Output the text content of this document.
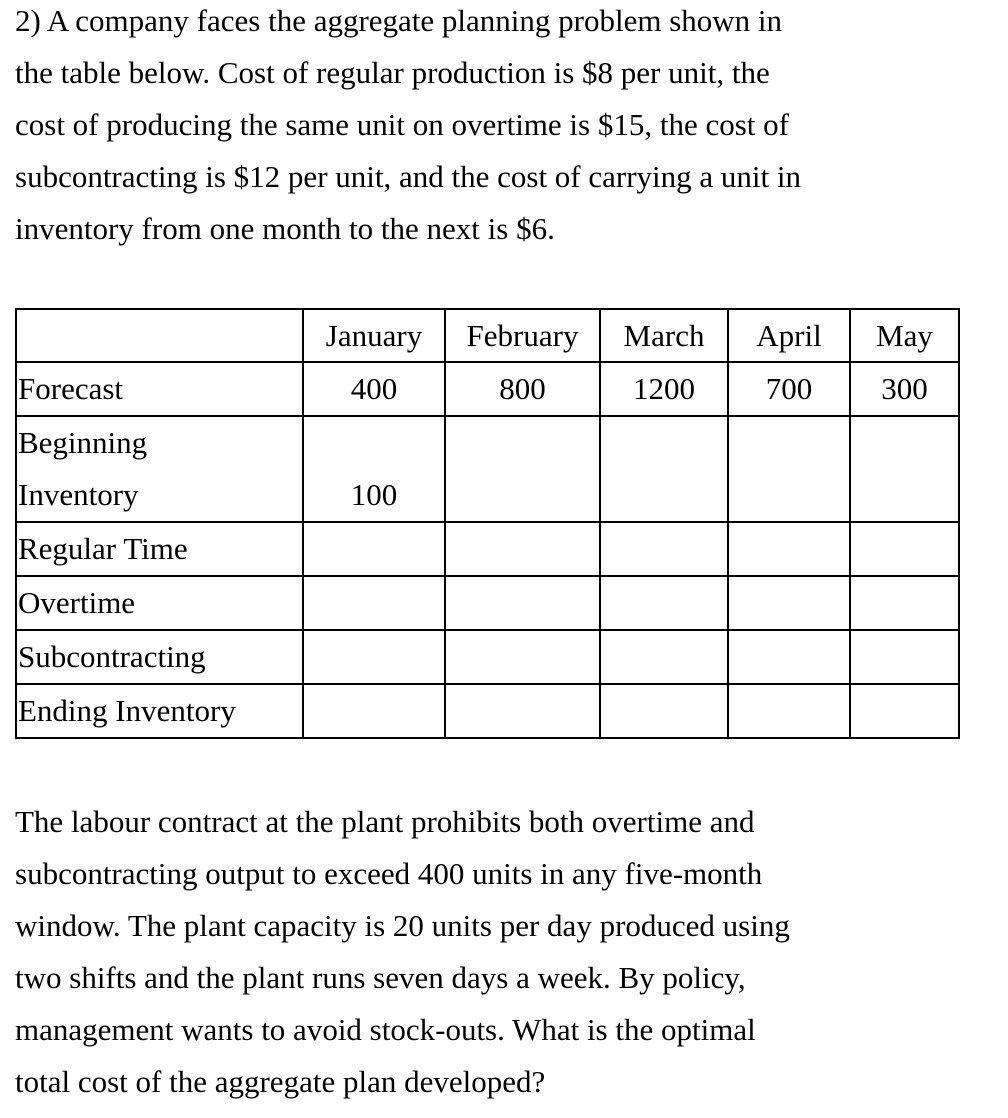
2) A company faces the aggregate planning problem shown in
the table below. Cost of regular production is $8 per unit, the
cost of producing the same unit on overtime is $15, the cost of
subcontracting is $12 per unit, and the cost of carrying a unit in
inventory from one month to the next is $6.

	January	February	March	April	May
Forecast	400	800	1200	700	300

Beginning
Inventory	100				
Regular Time					
Overtime					
Subcontracting					
Ending Inventory					

The labour contract at the plant prohibits both overtime and
subcontracting output to exceed 400 units in any five-month
window. The plant capacity is 20 units per day produced using
two shifts and the plant runs seven days a week. By policy,
management wants to avoid stock-outs. What is the optimal
total cost of the aggregate plan developed?
